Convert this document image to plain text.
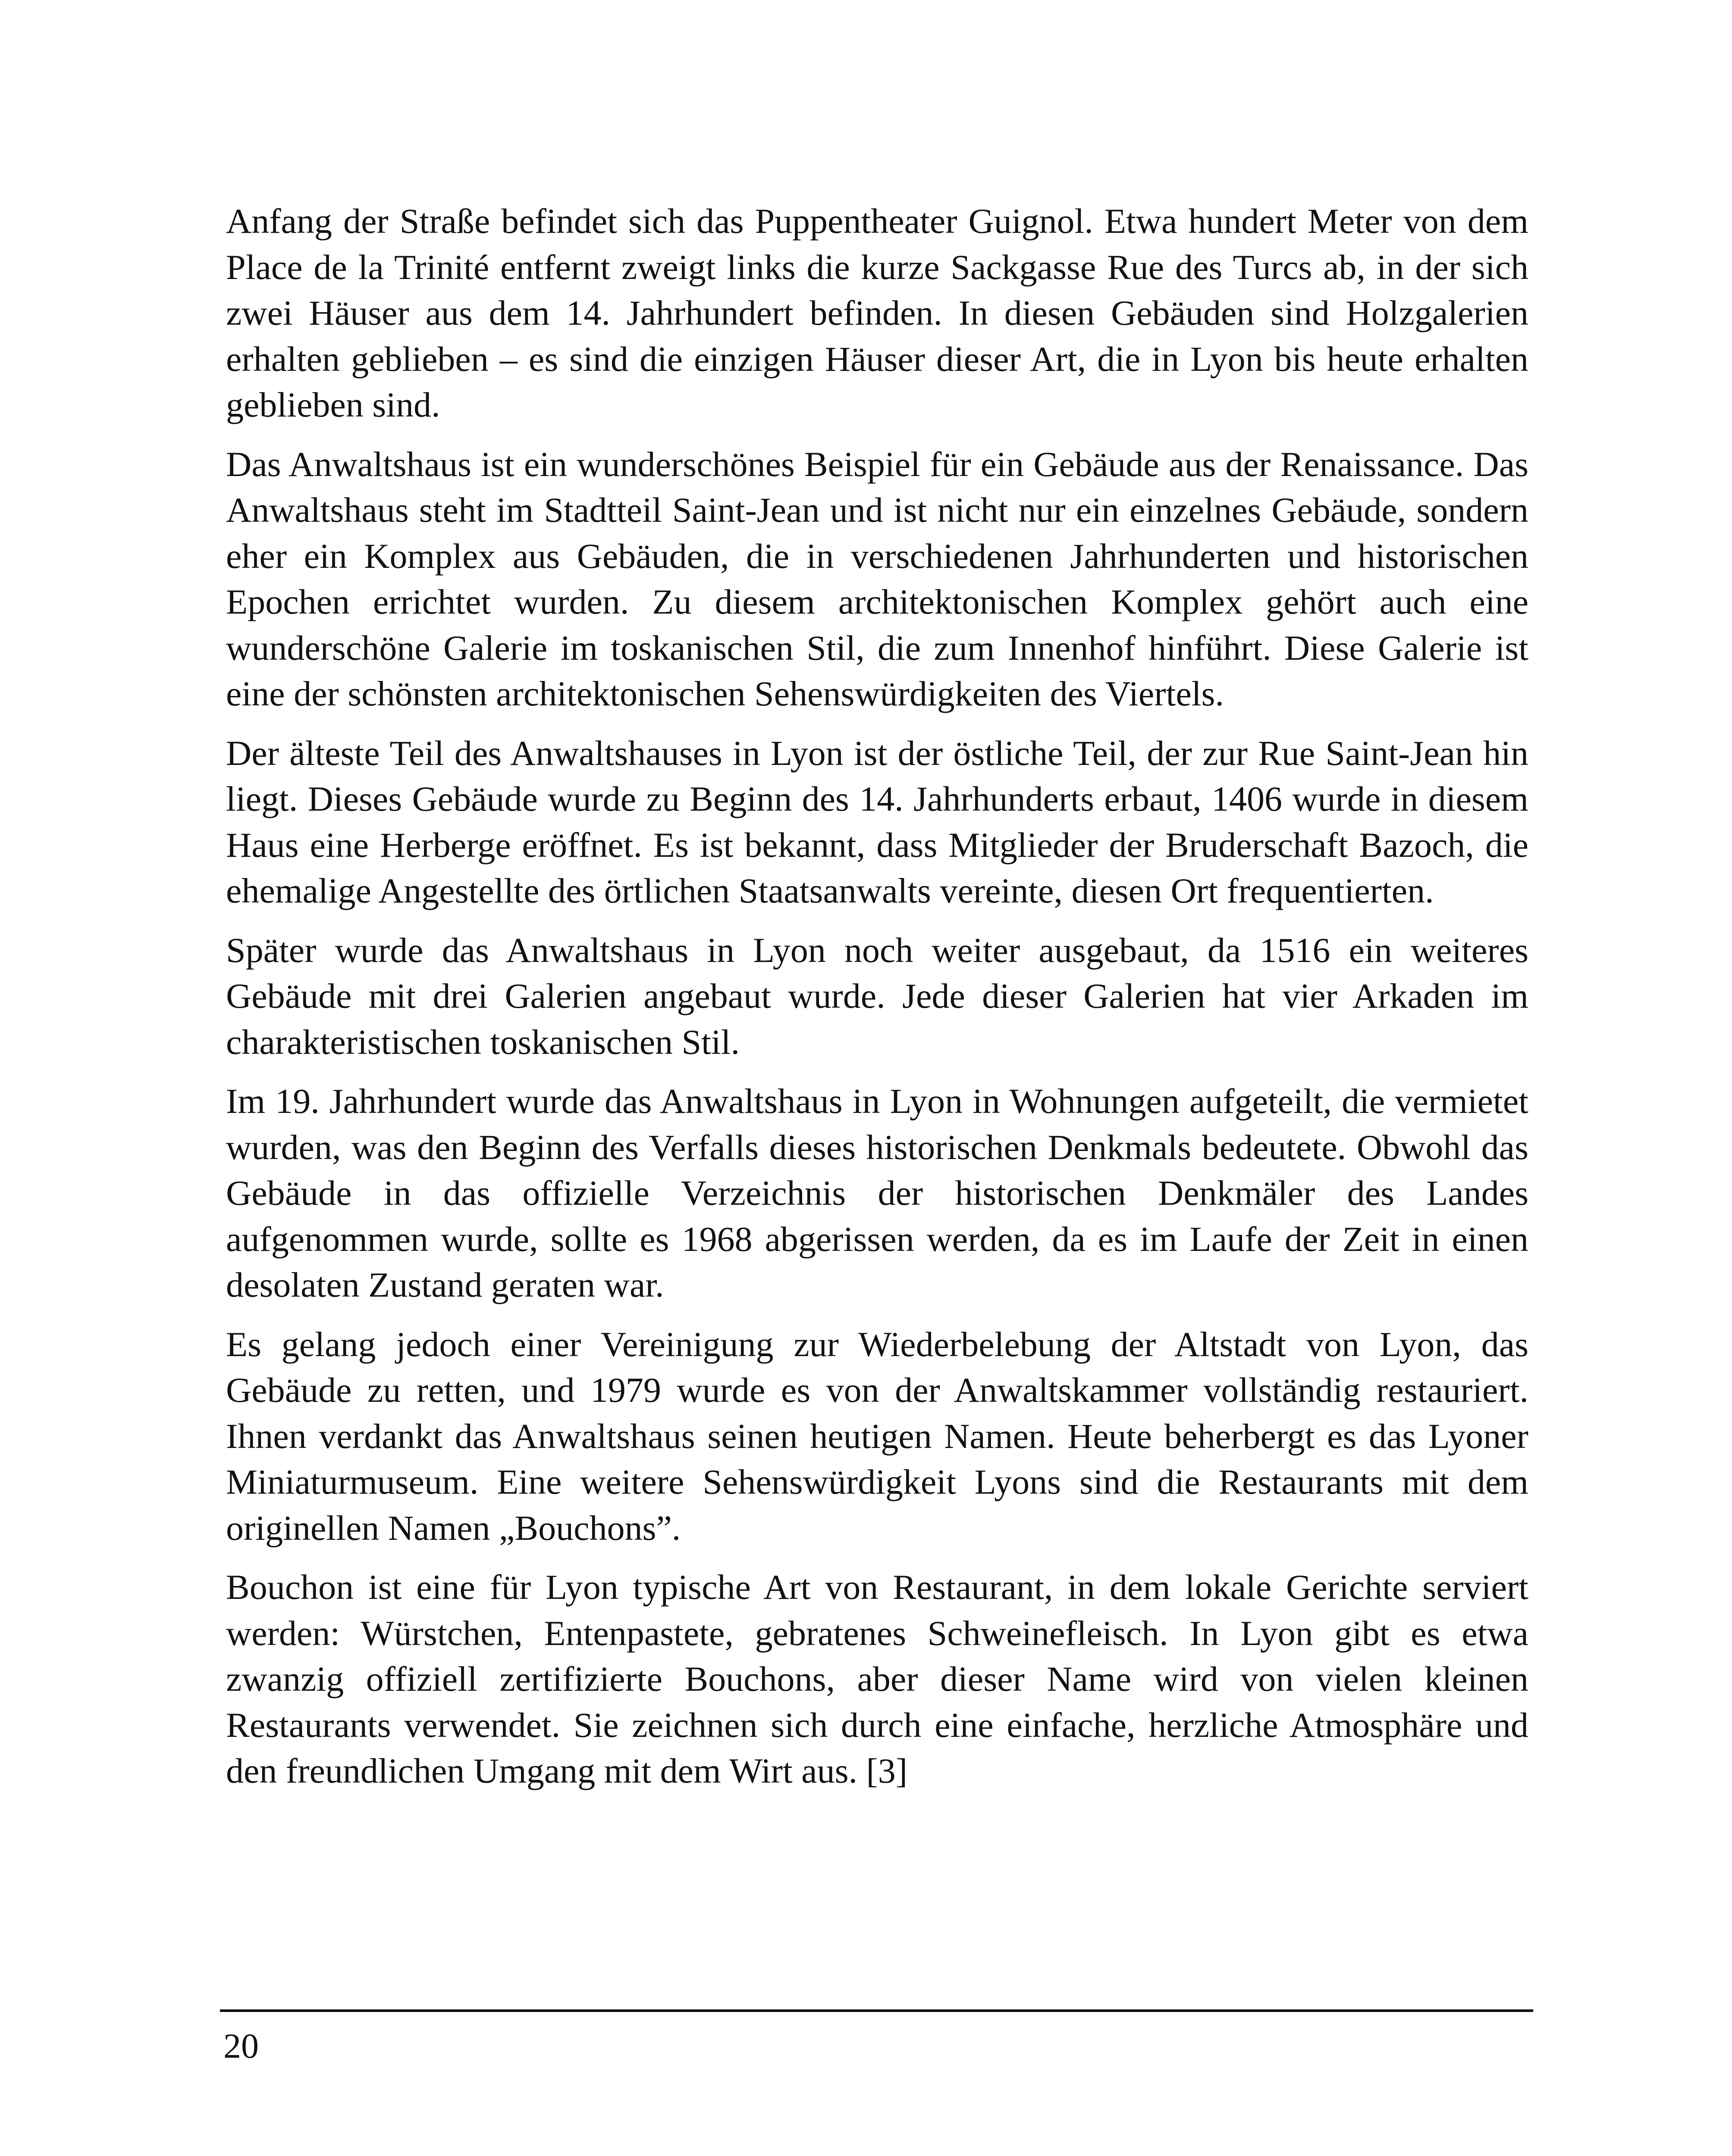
Anfang der Straße befindet sich das Puppentheater Guignol. Etwa hundert Meter von dem Place de la Trinité entfernt zweigt links die kurze Sackgasse Rue des Turcs ab, in der sich zwei Häuser aus dem 14. Jahrhundert befinden. In diesen Gebäuden sind Holzgalerien erhalten geblieben – es sind die einzigen Häuser dieser Art, die in Lyon bis heute erhalten geblieben sind.

Das Anwaltshaus ist ein wunderschönes Beispiel für ein Gebäude aus der Renaissance. Das Anwaltshaus steht im Stadtteil Saint-Jean und ist nicht nur ein einzelnes Gebäude, sondern eher ein Komplex aus Gebäuden, die in verschiedenen Jahrhunderten und historischen Epochen errichtet wurden. Zu diesem architektonischen Komplex gehört auch eine wunderschöne Galerie im toskanischen Stil, die zum Innenhof hinführt. Diese Galerie ist eine der schönsten architektonischen Sehenswürdigkeiten des Viertels.

Der älteste Teil des Anwaltshauses in Lyon ist der östliche Teil, der zur Rue Saint-Jean hin liegt. Dieses Gebäude wurde zu Beginn des 14. Jahrhunderts erbaut, 1406 wurde in diesem Haus eine Herberge eröffnet. Es ist bekannt, dass Mitglieder der Bruderschaft Bazoch, die ehemalige Angestellte des örtlichen Staatsanwalts vereinte, diesen Ort frequentierten.

Später wurde das Anwaltshaus in Lyon noch weiter ausgebaut, da 1516 ein weiteres Gebäude mit drei Galerien angebaut wurde. Jede dieser Galerien hat vier Arkaden im charakteristischen toskanischen Stil.

Im 19. Jahrhundert wurde das Anwaltshaus in Lyon in Wohnungen aufgeteilt, die vermietet wurden, was den Beginn des Verfalls dieses historischen Denkmals bedeutete. Obwohl das Gebäude in das offizielle Verzeichnis der historischen Denkmäler des Landes aufgenommen wurde, sollte es 1968 abgerissen werden, da es im Laufe der Zeit in einen desolaten Zustand geraten war.

Es gelang jedoch einer Vereinigung zur Wiederbelebung der Altstadt von Lyon, das Gebäude zu retten, und 1979 wurde es von der Anwaltskammer vollständig restauriert. Ihnen verdankt das Anwaltshaus seinen heutigen Namen. Heute beherbergt es das Lyoner Miniaturmuseum. Eine weitere Sehenswürdigkeit Lyons sind die Restaurants mit dem originellen Namen „Bouchons”.

Bouchon ist eine für Lyon typische Art von Restaurant, in dem lokale Gerichte serviert werden: Würstchen, Entenpastete, gebratenes Schweinefleisch. In Lyon gibt es etwa zwanzig offiziell zertifizierte Bouchons, aber dieser Name wird von vielen kleinen Restaurants verwendet. Sie zeichnen sich durch eine einfache, herzliche Atmosphäre und den freundlichen Umgang mit dem Wirt aus. [3]

20
